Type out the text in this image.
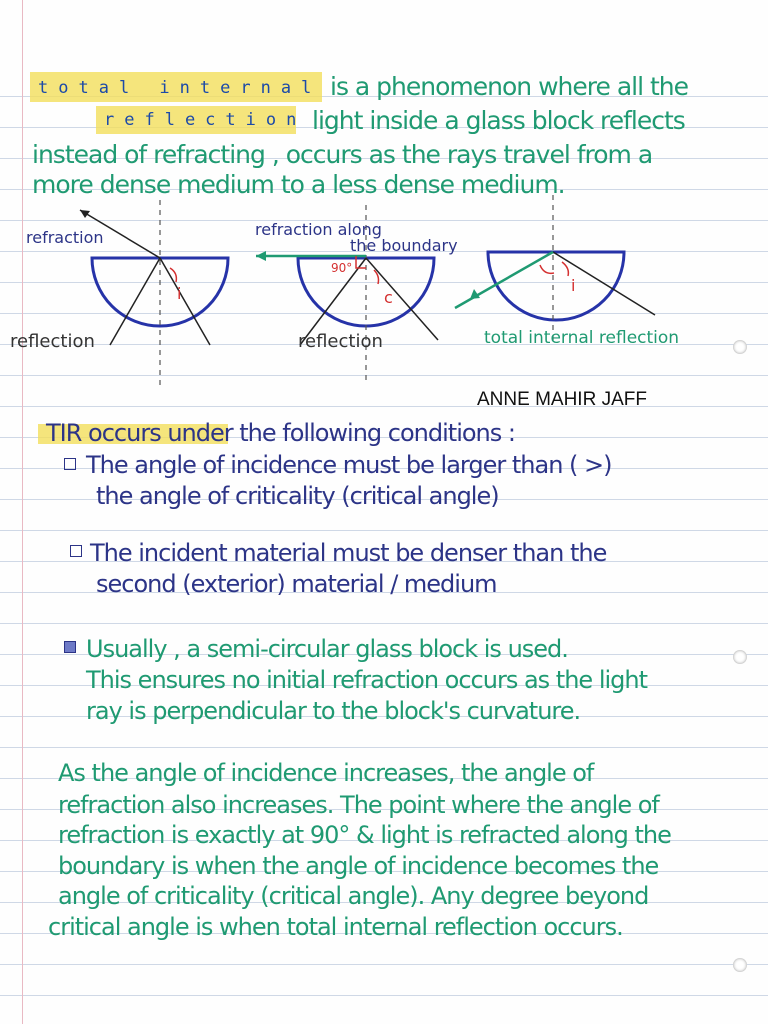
total internal
reflection
is a phenomenon where all the
light inside a glass block reflects
instead of refracting , occurs as the rays travel from a
more dense medium to a less dense medium.
refraction
i
reflection
refraction along
the boundary
90°
c
reflection
i
total internal reflection
ANNE MAHIR JAFF
TIR occurs under the following conditions :
The angle of incidence must be larger than ( >)
the angle of criticality (critical angle)
The incident material must be denser than the
second (exterior) material / medium
Usually , a semi-circular glass block is used.
This ensures no initial refraction occurs as the light
ray is perpendicular to the block's curvature.
As the angle of incidence increases, the angle of
refraction also increases. The point where the angle of
refraction is exactly at 90° & light is refracted along the
boundary is when the angle of incidence becomes the
angle of criticality (critical angle). Any degree beyond
critical angle is when total internal reflection occurs.
